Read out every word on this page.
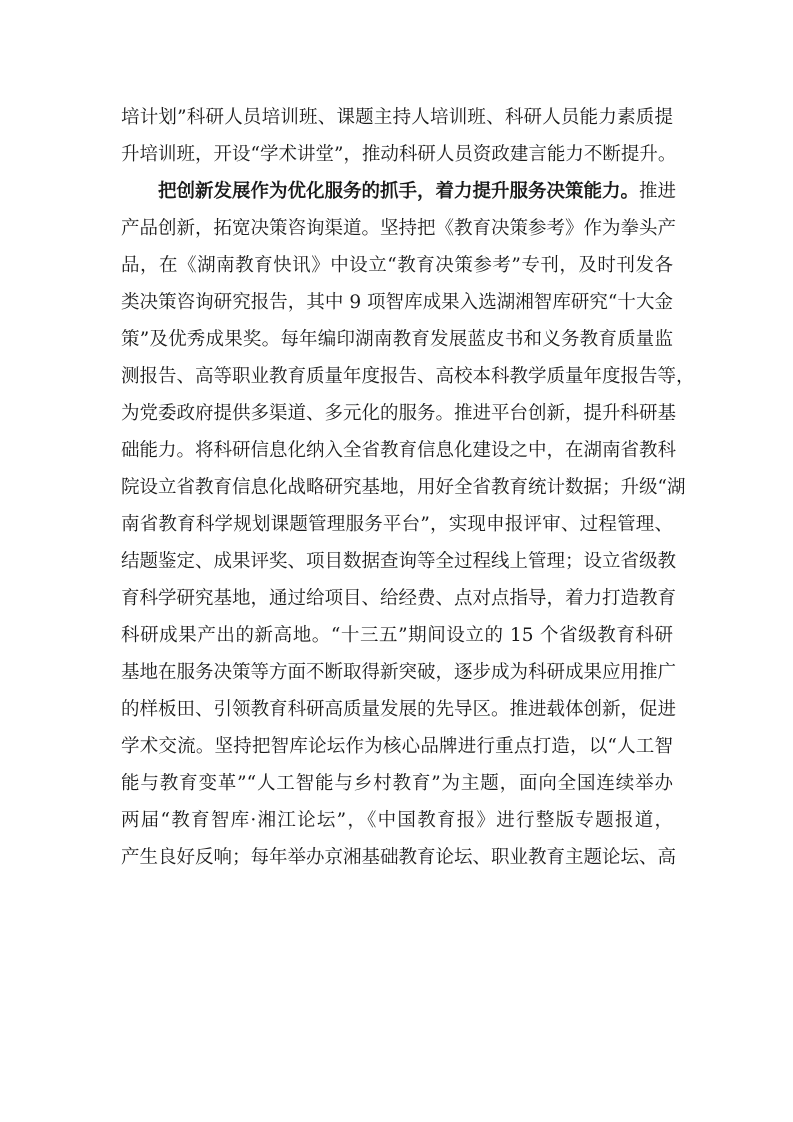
培计划”科研人员培训班、课题主持人培训班、科研人员能力素质提
升培训班，开设“学术讲堂”，推动科研人员资政建言能力不断提升。
把创新发展作为优化服务的抓手，着力提升服务决策能力。推进
产品创新，拓宽决策咨询渠道。坚持把《教育决策参考》作为拳头产
品，在《湖南教育快讯》中设立“教育决策参考”专刊，及时刊发各
类决策咨询研究报告，其中 9 项智库成果入选湖湘智库研究“十大金
策”及优秀成果奖。每年编印湖南教育发展蓝皮书和义务教育质量监
测报告、高等职业教育质量年度报告、高校本科教学质量年度报告等，
为党委政府提供多渠道、多元化的服务。推进平台创新，提升科研基
础能力。将科研信息化纳入全省教育信息化建设之中，在湖南省教科
院设立省教育信息化战略研究基地，用好全省教育统计数据；升级“湖
南省教育科学规划课题管理服务平台”，实现申报评审、过程管理、
结题鉴定、成果评奖、项目数据查询等全过程线上管理；设立省级教
育科学研究基地，通过给项目、给经费、点对点指导，着力打造教育
科研成果产出的新高地。“十三五”期间设立的 15 个省级教育科研
基地在服务决策等方面不断取得新突破，逐步成为科研成果应用推广
的样板田、引领教育科研高质量发展的先导区。推进载体创新，促进
学术交流。坚持把智库论坛作为核心品牌进行重点打造，以“人工智
能与教育变革”“人工智能与乡村教育”为主题，面向全国连续举办
两届“教育智库·湘江论坛”，《中国教育报》进行整版专题报道，
产生良好反响；每年举办京湘基础教育论坛、职业教育主题论坛、高
